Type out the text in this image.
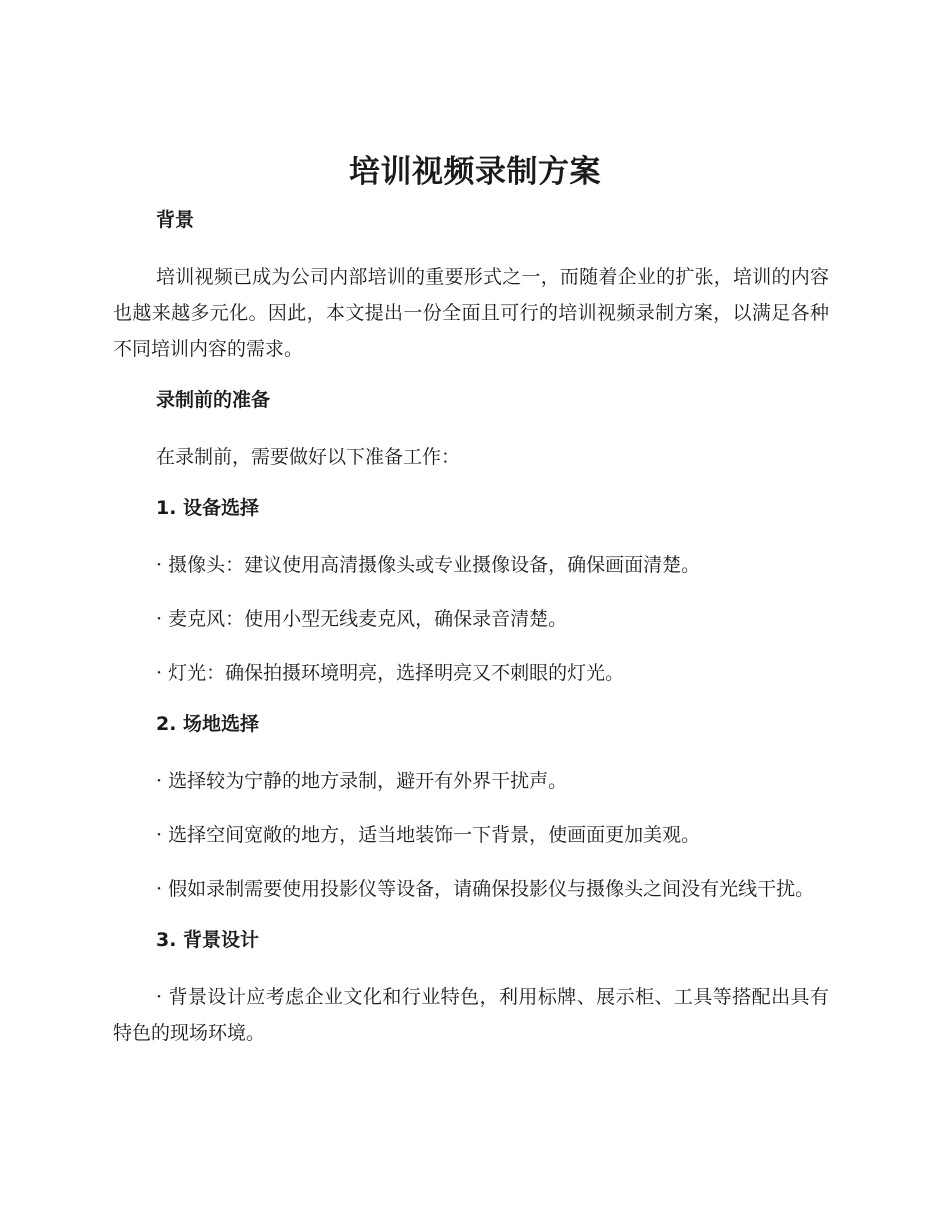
培训视频录制方案

背景

培训视频已成为公司内部培训的重要形式之一，而随着企业的扩张，培训的内容也越来越多元化。因此，本文提出一份全面且可行的培训视频录制方案，以满足各种不同培训内容的需求。

录制前的准备

在录制前，需要做好以下准备工作：

1. 设备选择

· 摄像头：建议使用高清摄像头或专业摄像设备，确保画面清楚。

· 麦克风：使用小型无线麦克风，确保录音清楚。

· 灯光：确保拍摄环境明亮，选择明亮又不刺眼的灯光。

2. 场地选择

· 选择较为宁静的地方录制，避开有外界干扰声。

· 选择空间宽敞的地方，适当地装饰一下背景，使画面更加美观。

· 假如录制需要使用投影仪等设备，请确保投影仪与摄像头之间没有光线干扰。

3. 背景设计

· 背景设计应考虑企业文化和行业特色，利用标牌、展示柜、工具等搭配出具有特色的现场环境。
